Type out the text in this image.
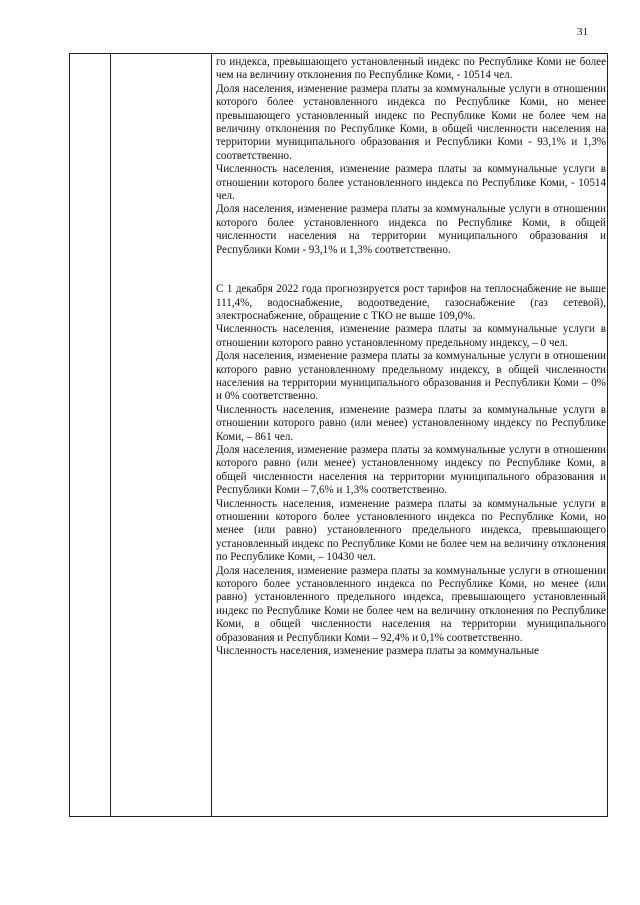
31

го индекса, превышающего установленный индекс по Республике Коми не более чем на величину отклонения по Республике Коми, - 10514 чел.

Доля населения, изменение размера платы за коммунальные услуги в отношении которого более установленного индекса по Республике Коми, но менее превышающего установленный индекс по Республике Коми не более чем на величину отклонения по Республике Коми, в общей численности населения на территории муниципального образования и Республики Коми - 93,1% и 1,3% соответственно.

Численность населения, изменение размера платы за коммунальные услуги в отношении которого более установленного индекса по Республике Коми, - 10514 чел.

Доля населения, изменение размера платы за коммунальные услуги в отношении которого более установленного индекса по Республике Коми, в общей численности населения на территории муниципального образования и Республики Коми - 93,1% и 1,3% соответственно.

С 1 декабря 2022 года прогнозируется рост тарифов на теплоснабжение не выше 111,4%, водоснабжение, водоотведение, газоснабжение (газ сетевой), электроснабжение, обращение с ТКО не выше 109,0%.

Численность населения, изменение размера платы за коммунальные услуги в отношении которого равно установленному предельному индексу, – 0 чел.

Доля населения, изменение размера платы за коммунальные услуги в отношении которого равно установленному предельному индексу, в общей численности населения на территории муниципального образования и Республики Коми – 0% и 0% соответственно.

Численность населения, изменение размера платы за коммунальные услуги в отношении которого равно (или менее) установленному индексу по Республике Коми, – 861 чел.

Доля населения, изменение размера платы за коммунальные услуги в отношении которого равно (или менее) установленному индексу по Республике Коми, в общей численности населения на территории муниципального образования и Республики Коми – 7,6% и 1,3% соответственно.

Численность населения, изменение размера платы за коммунальные услуги в отношении которого более установленного индекса по Республике Коми, но менее (или равно) установленного предельного индекса, превышающего установленный индекс по Республике Коми не более чем на величину отклонения по Республике Коми, – 10430 чел.

Доля населения, изменение размера платы за коммунальные услуги в отношении которого более установленного индекса по Республике Коми, но менее (или равно) установленного предельного индекса, превышающего установленный индекс по Республике Коми не более чем на величину отклонения по Республике Коми, в общей численности населения на территории муниципального образования и Республики Коми – 92,4% и 0,1% соответственно.

Численность населения, изменение размера платы за коммунальные
